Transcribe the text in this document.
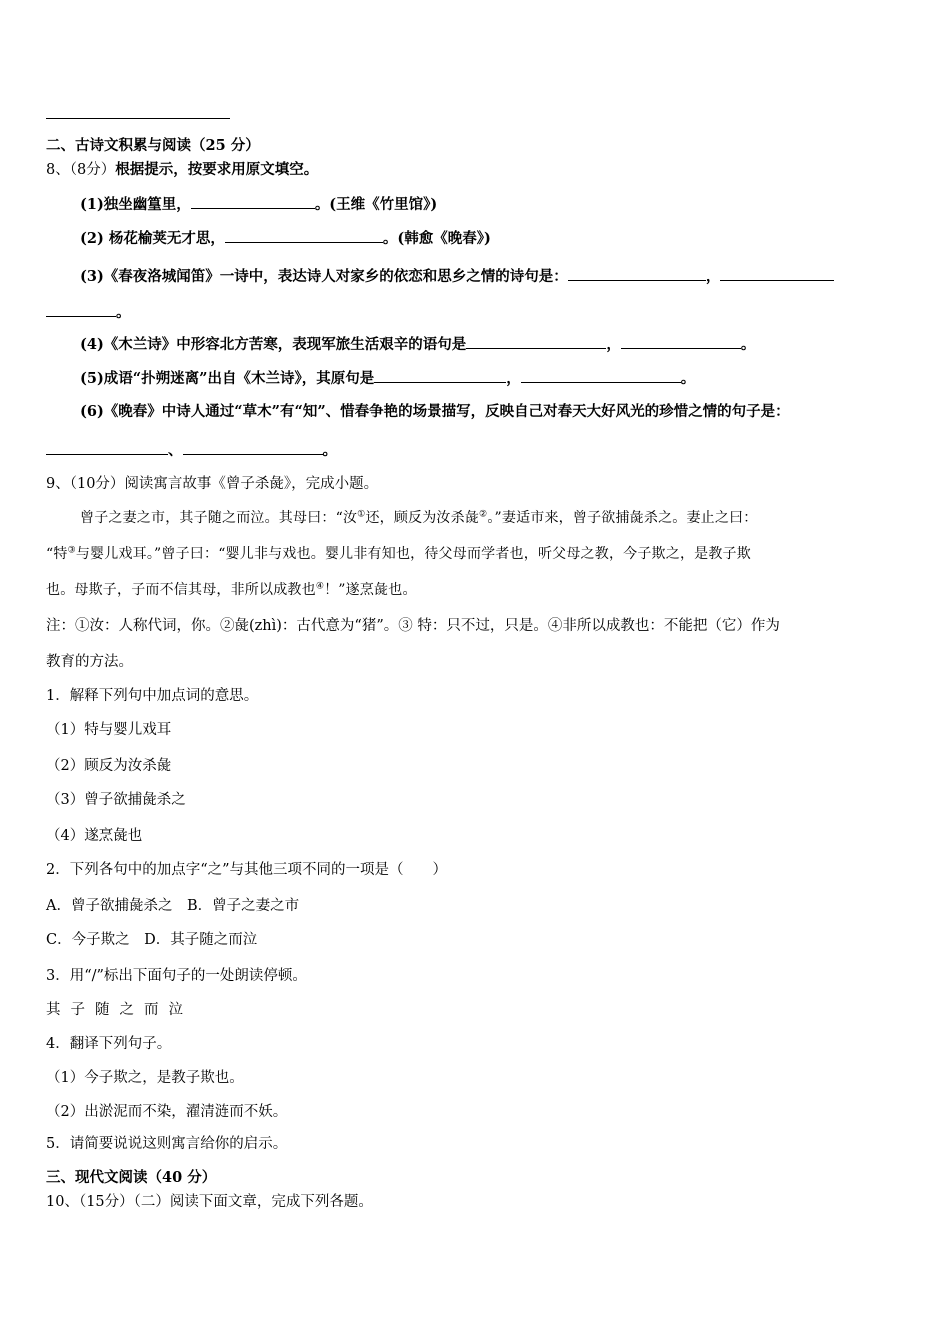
二、古诗文积累与阅读（25 分）
8、（8分）根据提示，按要求用原文填空。
(1)独坐幽篁里，	。(王维《竹里馆》)
(2) 杨花榆荚无才思，	。(韩愈《晚春》)
(3)《春夜洛城闻笛》一诗中，表达诗人对家乡的依恋和思乡之情的诗句是：	，
。
(4)《木兰诗》中形容北方苦寒，表现军旅生活艰辛的语句是	，	。
(5)成语“扑朔迷离”出自《木兰诗》，其原句是	，	。
(6)《晚春》中诗人通过“草木”有“知”、惜春争艳的场景描写，反映自己对春天大好风光的珍惜之情的句子是：
、	。
9、（10分）阅读寓言故事《曾子杀彘》，完成小题。
曾子之妻之市，其子随之而泣。其母曰：“汝①还，顾反为汝杀彘②。”妻适市来，曾子欲捕彘杀之。妻止之曰：
“特③与婴儿戏耳。”曾子曰：“婴儿非与戏也。婴儿非有知也，待父母而学者也，听父母之教，今子欺之，是教子欺
也。母欺子，子而不信其母，非所以成教也④！”遂烹彘也。
注：①汝：人称代词，你。②彘(zhì)：古代意为“猪”。③ 特：只不过，只是。④非所以成教也：不能把（它）作为
教育的方法。
1．解释下列句中加点词的意思。
（1）特与婴儿戏耳
（2）顾反为汝杀彘
（3）曾子欲捕彘杀之
（4）遂烹彘也
2．下列各句中的加点字“之”与其他三项不同的一项是（　　）
A．曾子欲捕彘杀之　 B．曾子之妻之市
C．今子欺之　 D．其子随之而泣
3．用“/”标出下面句子的一处朗读停顿。
其子随之而泣
4．翻译下列句子。
（1）今子欺之，是教子欺也。
（2）出淤泥而不染，濯清涟而不妖。
5．请简要说说这则寓言给你的启示。
三、现代文阅读（40 分）
10、（15分）（二）阅读下面文章，完成下列各题。
